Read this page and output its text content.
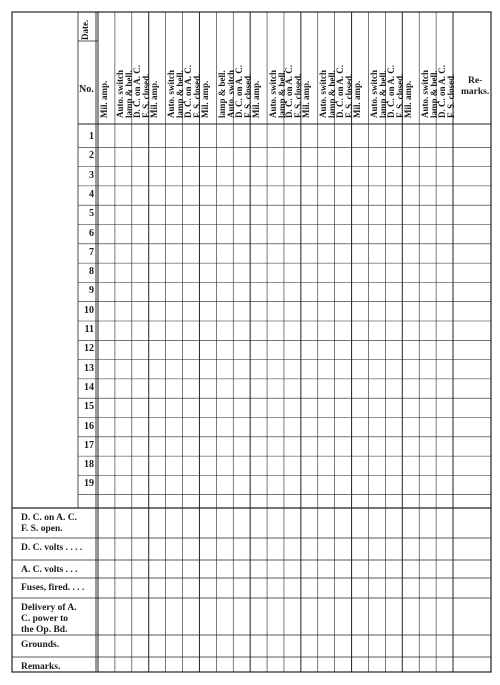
Date.
Mil. amp. Auto. switch
lamp & bell.
D. C. on A. C.
F. S. closed.
Mil. amp. Auto. switch
lamp & bell.
D. C. on A. C.
F. S. closed.
Mil. amp. lamp & bell.
Auto. switch
D. C. on A. C.
F. S. closed.
Mil. amp. Auto. switch
lamp & bell.
D. C. on A. C.
F. S. closed.
Mil. amp. Auto. switch
lamp & bell.
D. C. on A. C.
F. S. closed.
Mil. amp. Auto. switch
lamp & bell.
D. C. on A. C.
F. S. closed.
Mil. amp. Auto. switch
lamp & bell.
D. C. on A. C.
F. S. closed.
No.
Re-
marks.
1
2
3
4
5
6
7
8
9
10
11
12
13
14
15
16
17
18
19
D. C. on A. C.
F. S. open.
D. C. volts . . . .
A. C. volts . . .
Fuses, fired. . . .
Delivery of A.
C. power to
the Op. Bd.
Grounds.
Remarks.
